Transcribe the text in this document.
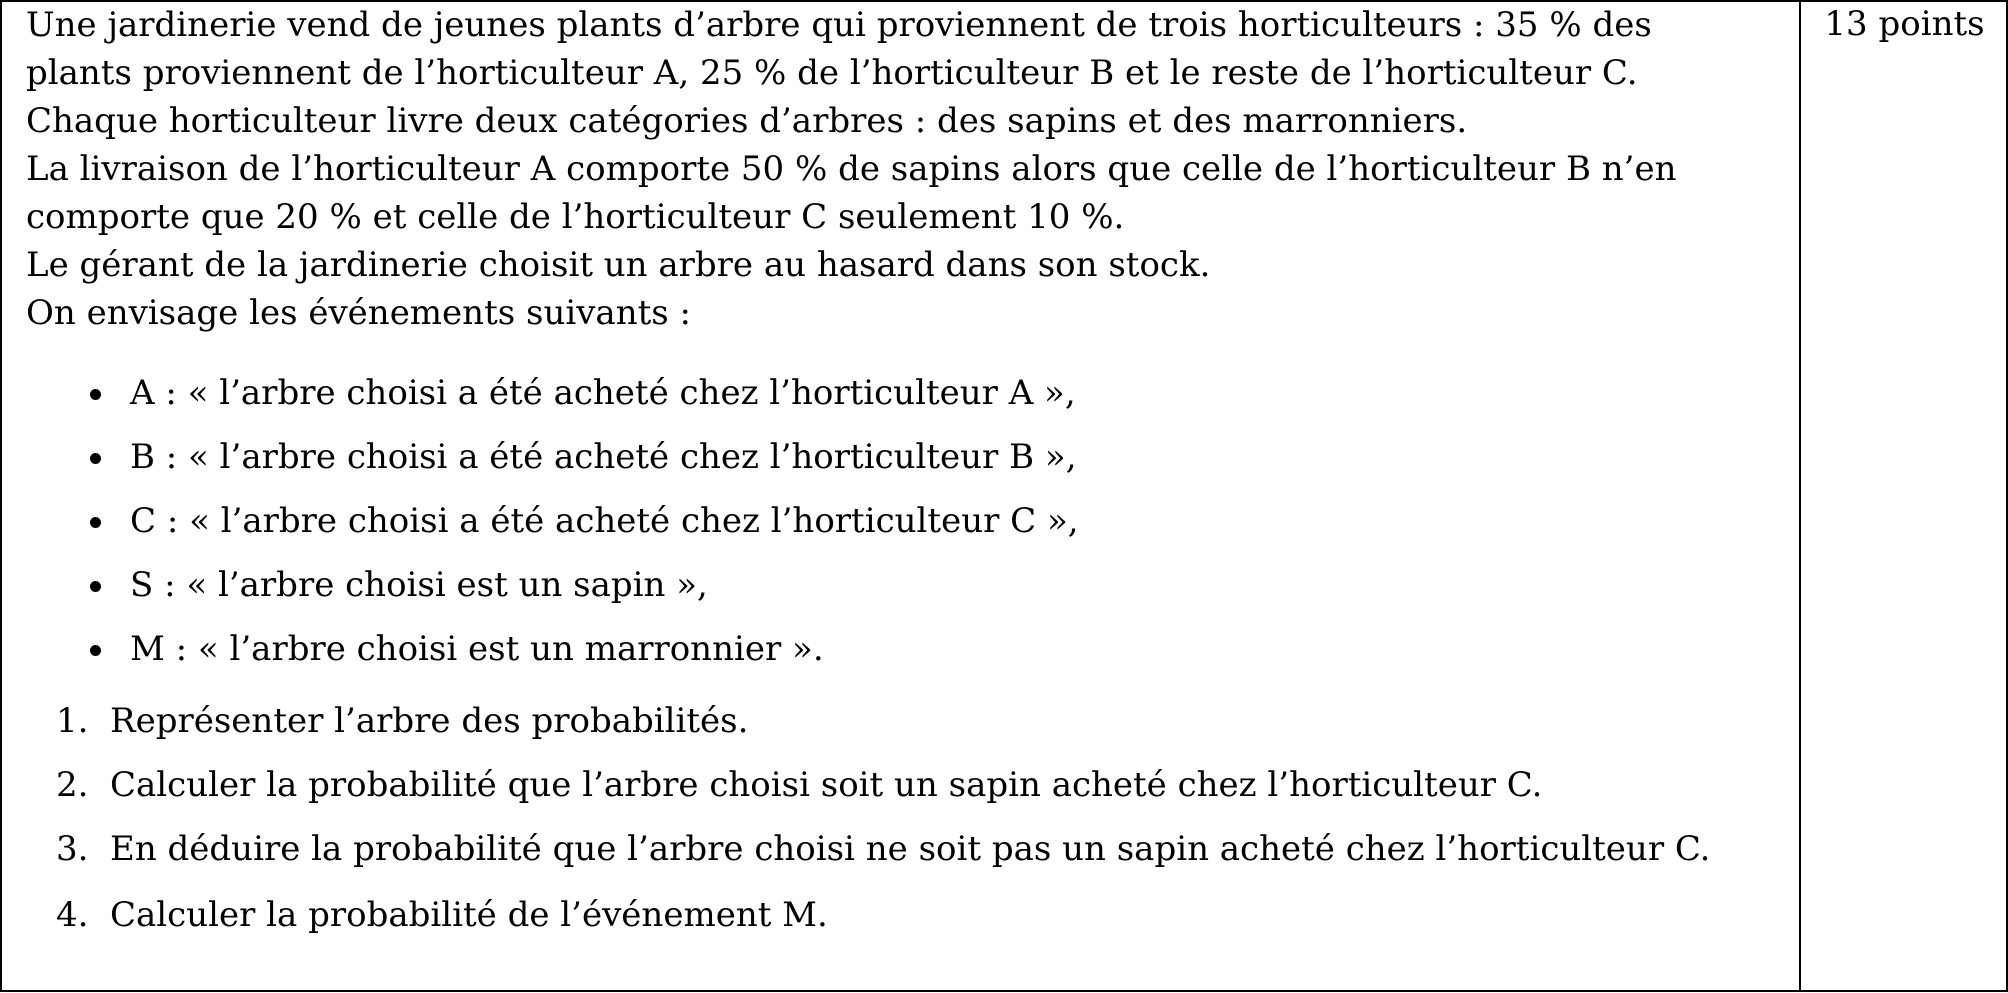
Une jardinerie vend de jeunes plants d’arbre qui proviennent de trois horticulteurs : 35 % des
plants proviennent de l’horticulteur A, 25 % de l’horticulteur B et le reste de l’horticulteur C.
Chaque horticulteur livre deux catégories d’arbres : des sapins et des marronniers.
La livraison de l’horticulteur A comporte 50 % de sapins alors que celle de l’horticulteur B n’en
comporte que 20 % et celle de l’horticulteur C seulement 10 %.
Le gérant de la jardinerie choisit un arbre au hasard dans son stock.
On envisage les événements suivants :
A : « l’arbre choisi a été acheté chez l’horticulteur A »,
B : « l’arbre choisi a été acheté chez l’horticulteur B »,
C : « l’arbre choisi a été acheté chez l’horticulteur C »,
S : « l’arbre choisi est un sapin »,
M : « l’arbre choisi est un marronnier ».
1. Représenter l’arbre des probabilités.
2. Calculer la probabilité que l’arbre choisi soit un sapin acheté chez l’horticulteur C.
3. En déduire la probabilité que l’arbre choisi ne soit pas un sapin acheté chez l’horticulteur C.
4. Calculer la probabilité de l’événement M.
13 points
